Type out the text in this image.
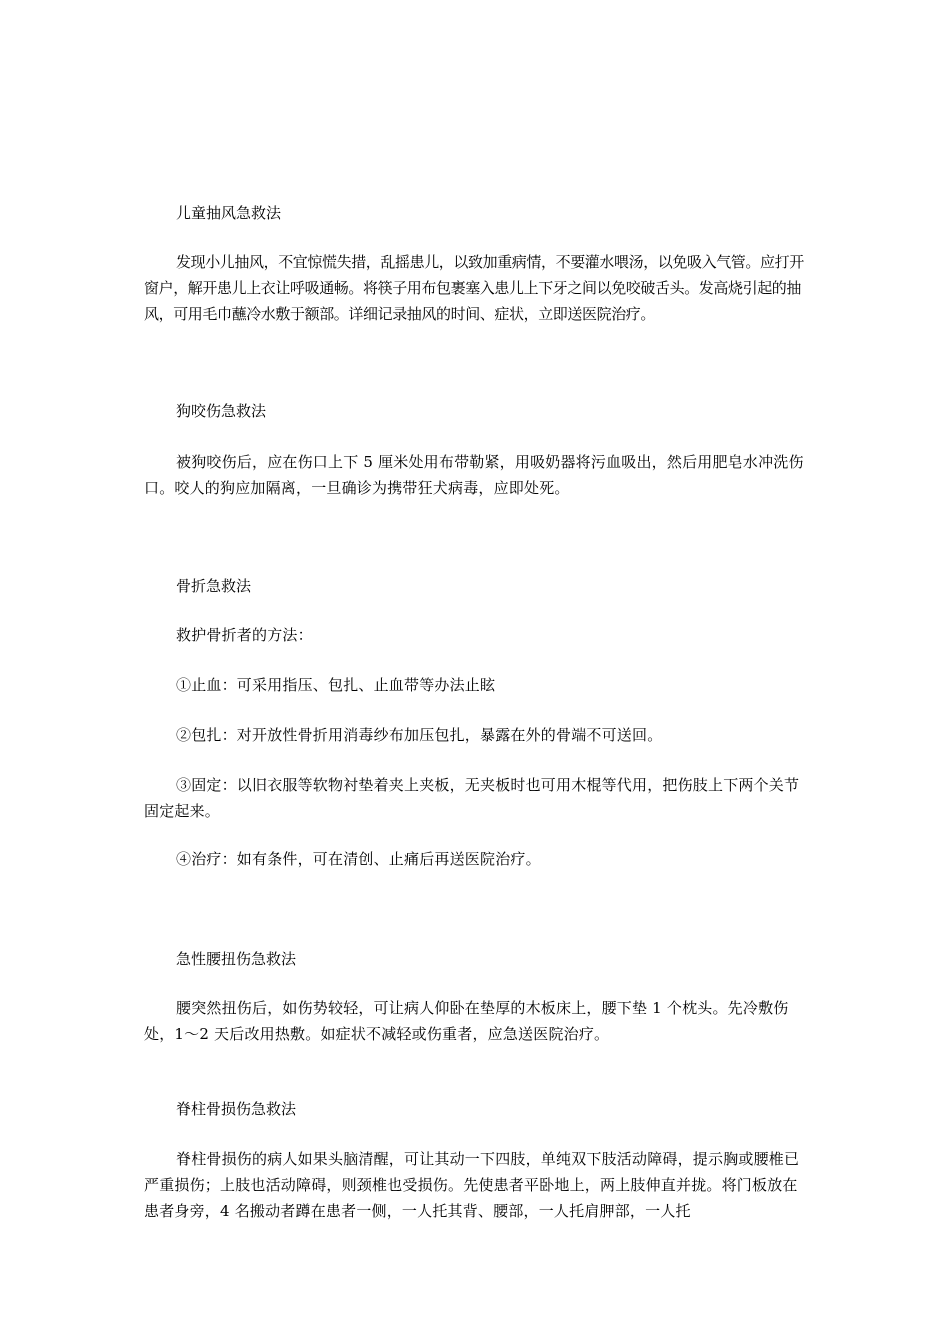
儿童抽风急救法
发现小儿抽风，不宜惊慌失措，乱摇患儿，以致加重病情，不要灌水喂汤，以免吸入气管。应打开窗户，解开患儿上衣让呼吸通畅。将筷子用布包裹塞入患儿上下牙之间以免咬破舌头。发高烧引起的抽风，可用毛巾蘸冷水敷于额部。详细记录抽风的时间、症状，立即送医院治疗。
狗咬伤急救法
被狗咬伤后，应在伤口上下 5 厘米处用布带勒紧，用吸奶器将污血吸出，然后用肥皂水冲洗伤口。咬人的狗应加隔离，一旦确诊为携带狂犬病毒，应即处死。
骨折急救法
救护骨折者的方法：
①止血：可采用指压、包扎、止血带等办法止眩
②包扎：对开放性骨折用消毒纱布加压包扎，暴露在外的骨端不可送回。
③固定：以旧衣服等软物衬垫着夹上夹板，无夹板时也可用木棍等代用，把伤肢上下两个关节固定起来。
④治疗：如有条件，可在清创、止痛后再送医院治疗。
急性腰扭伤急救法
腰突然扭伤后，如伤势较轻，可让病人仰卧在垫厚的木板床上，腰下垫 1 个枕头。先冷敷伤处，1～2 天后改用热敷。如症状不减轻或伤重者，应急送医院治疗。
脊柱骨损伤急救法
脊柱骨损伤的病人如果头脑清醒，可让其动一下四肢，单纯双下肢活动障碍，提示胸或腰椎已严重损伤；上肢也活动障碍，则颈椎也受损伤。先使患者平卧地上，两上肢伸直并拢。将门板放在患者身旁，4 名搬动者蹲在患者一侧，一人托其背、腰部，一人托肩胛部，一人托
